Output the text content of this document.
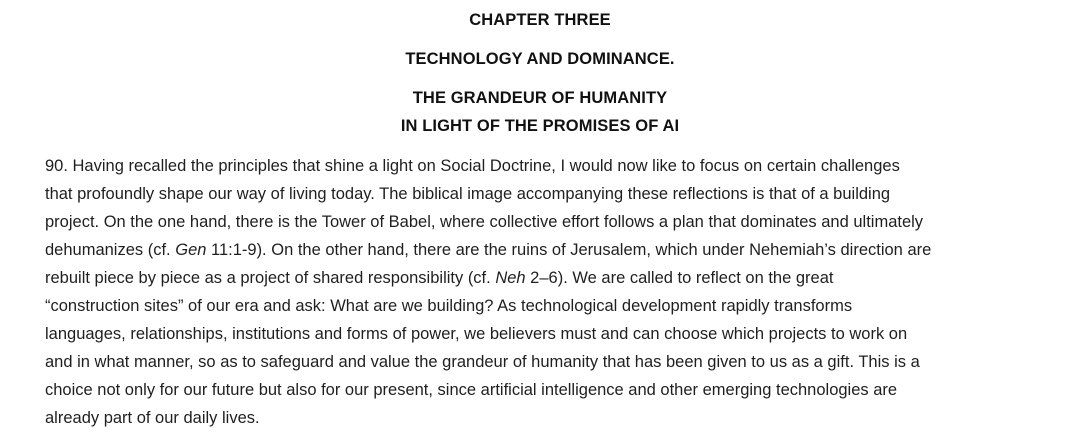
CHAPTER THREE
TECHNOLOGY AND DOMINANCE.
THE GRANDEUR OF HUMANITY
IN LIGHT OF THE PROMISES OF AI

90. Having recalled the principles that shine a light on Social Doctrine, I would now like to focus on certain challenges
that profoundly shape our way of living today. The biblical image accompanying these reflections is that of a building
project. On the one hand, there is the Tower of Babel, where collective effort follows a plan that dominates and ultimately
dehumanizes (cf. Gen 11:1-9). On the other hand, there are the ruins of Jerusalem, which under Nehemiah’s direction are
rebuilt piece by piece as a project of shared responsibility (cf. Neh 2–6). We are called to reflect on the great
“construction sites” of our era and ask: What are we building? As technological development rapidly transforms
languages, relationships, institutions and forms of power, we believers must and can choose which projects to work on
and in what manner, so as to safeguard and value the grandeur of humanity that has been given to us as a gift. This is a
choice not only for our future but also for our present, since artificial intelligence and other emerging technologies are
already part of our daily lives.
